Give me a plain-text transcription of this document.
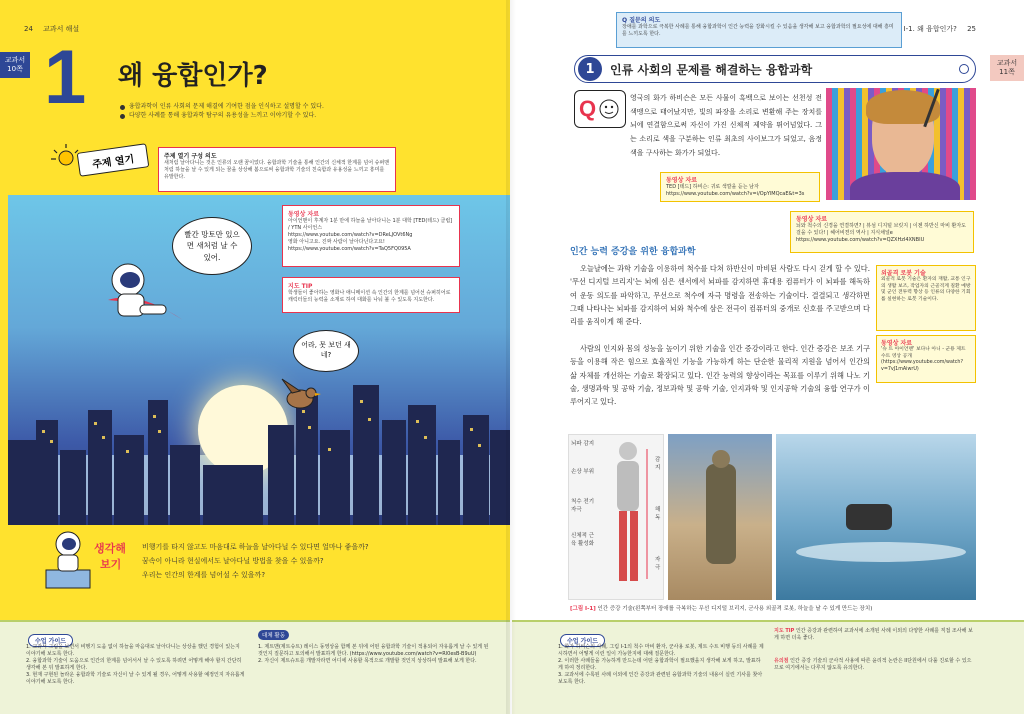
24 교과서 해설
교과서
10쪽 1 왜 융합인가?
융합과학이 인류 사회의 문제 해결에 기여한 점을 인식하고 설명할 수 있다.
다양한 사례를 통해 융합과학 탐구의 유용성을 느끼고 이야기할 수 있다.
주제 열기	주제 열기 구성 의도
새처럼 날아다니는 것은 인류의 오랜 꿈이었다. 융합과학 기술을 통해 인간의 신체적 한계를 넘어 슈퍼맨처럼 하늘을 날 수 있게 되는 꿈을 상상해 봄으로써 융합과학 기술의 친숙함과 유용성을 느끼고 흥미를 유발한다.
빨간 망토만 있으면 새처럼 날 수 있어.
어라, 못 보던 새네?
동영상 자료
아이언맨이 후계자 1분 만에 하늘을 날아다니는 1분 대학 [TED(테드) 클립] / YTN 사이언스
https://www.youtube.com/watch?v=DReLJOVt6Ng
영화 아니고요. 진짜 사람이 날아다닌다고요!
https://www.youtube.com/watch?v=TaQ5FQ095A
지도 TIP
학생들이 좋아하는 영화나 애니메이션 속 인간의 한계를 넘어선 슈퍼히어로 캐릭터들의 능력을 소재로 하여 대화를 나눠 볼 수 있도록 지도한다.
생각해
보기
비행기를 타지 않고도 마음대로 하늘을 날아다닐 수 있다면 얼마나 좋을까?
꿈속이 아니라 현실에서도 날아다닐 방법을 찾을 수 있을까?
우리는 인간의 한계를 넘어설 수 있을까?
수업 가이드
1. 교과서 그림을 보면서 비행기 도움 없이 하늘을 마음대로 날아다니는 상상을 했던 경험이 있는지 이야기해 보도록 한다.
2. 융합과학 기술이 도움으로 인간의 한계를 넘어서서 날 수 있도록 하려면 어떻게 해야 할지 간단히 생각해 본 뒤 발표하게 한다.
3. 현재 구현된 놀라운 융합과학 기술로 자신이 날 수 있게 될 경우, 어떻게 사용할 예정인지 자유롭게 이야기해 보도록 한다.
대체 활동
1. 제트맨(제트슈트) 레이스 동영상을 함께 본 뒤에 어떤 융합과학 기술이 적용되어 자유롭게 날 수 있게 된 것인지 질문하고 토의해서 발표하게 한다. (https://www.youtube.com/watch?v=Rl0esB-B9uU)
2. 자신이 제트슈트를 개발자라면 어디에 사용할 목적으로 개발할 것인지 상상하여 발표해 보게 한다.
I-1. 왜 융합인가? 25
교과서
11쪽
Q 질문의 의도
장애를 과학으로 극복한 사례를 통해 융합과학이 인간 능력을 강화시킬 수 있음을 생각해 보고 융합과학의 필요성에 대해 흥미를 느끼도록 한다.
1	인류 사회의 문제를 해결하는 융합과학
Q	영국의 화가 하비슨은 모든 사물이 흑백으로 보이는 선천성 전색맹으로 태어났지만, 빛의 파장을 소리로 변환해 주는 장치를 뇌에 연결함으로써 자신이 가진 신체적 제약을 뛰어넘었다. 그는 소리로 색을 구분하는 인류 최초의 사이보그가 되었고, 음정색을 구사하는 화가가 되었다.
동영상 자료
TED [테드] 하비슨: 귀로 색깔을 듣는 남자 https://www.youtube.com/watch?v=i/OpYlMQcaE&t=3s
동영상 자료
뇌와 척수의 신경을 연결하면? | 뷰섬 디지털 브릿지 | 이젠 하반신 마비 환자도 걸을 수 있다! | 헤어비젼의 역사 | 지식채널e https://www.youtube.com/watch?v=QZXHzI4XNBIU
인간 능력 증강을 위한 융합과학
오늘날에는 과학 기술을 이용하여 척수를 다쳐 하반신이 마비된 사람도 다시 걷게 할 수 있다. '무선 디지털 브리지'는 뇌에 심은 센서에서 뇌파를 감지하면 휴대용 컴퓨터가 이 뇌파를 해독하여 운동 의도를 파악하고, 무선으로 척수에 자극 명령을 전송하는 기술이다. 결결되고 생각하면 그때 나타나는 뇌파를 감지하여 뇌와 척수에 삼은 전극이 컴퓨터의 중개로 신호를 주고받으며 다리를 움직이게 해 준다.
사람의 인지와 몸의 성능을 높이기 위한 기술을 인간 증강이라고 한다. 인간 증강은 보조 기구 등을 이용해 작은 힘으로 효율적인 기능을 가능하게 하는 단순한 물리적 지원을 넘어서 인간의 삶 자체를 개선하는 기술로 확장되고 있다. 인간 능력의 향상이라는 목표를 이루기 위해 나노 기술, 생명과학 및 공학 기술, 정보과학 및 공학 기술, 인지과학 및 인지공학 기술의 융합 연구가 이루어지고 있다.
외골격 로봇 기술
외골격 로봇 기술은 환자의 재활, 교통 인구의 생활 보조, 작업자의 근골격계 질환 예방 및 군인 전투력 향상 등 인류의 다양한 기회를 실현하는 로봇 기술이다.
동영상 자료
'슈 트 아이언맨' 보다나 아니 - 군용 제트 수트 영상 공개 (https://www.youtube.com/watch?v=7vJ1mAiwrU)
뇌파 감지
손상 부위
척수 전기 자극
신체적 근육 활성화
감지
해독
자극
[그림 Ⅰ-1] 인간 증강 기술(왼쪽부터 장애를 극복하는 무선 디지털 브리지, 군사용 외골격 로봇, 하늘을 날 수 있게 만드는 장치)
수업 가이드
1. 화가 하비슨의 사례, 그림 Ⅰ-1의 척수 마비 환자, 군사용 로봇, 제트 수트 비행 등의 사례를 제시하면서 어떻게 이런 일이 가능한지에 대해 질문한다.
2. 이러한 사례들을 가능하게 만드는데 어떤 융합과학이 필요했을지 생각해 보게 하고, 발표하게 하여 정리한다.
3. 교과서에 수록된 사례 이외에 인간 증강과 관련된 융합과학 기술의 내용이 실린 기사를 찾아보도록 한다.
지도 TIP 인간 증강과 관련하여 교과서에 소개된 사례 이외의 다양한 사례를 직접 조사해 보게 하면 더욱 좋다.
유의점 인간 증강 기술의 군사적 사용에 따른 윤리적 논란은 II단원에서 다룰 진로할 수 있으므로 여기에서는 다루지 않도록 유의한다.
